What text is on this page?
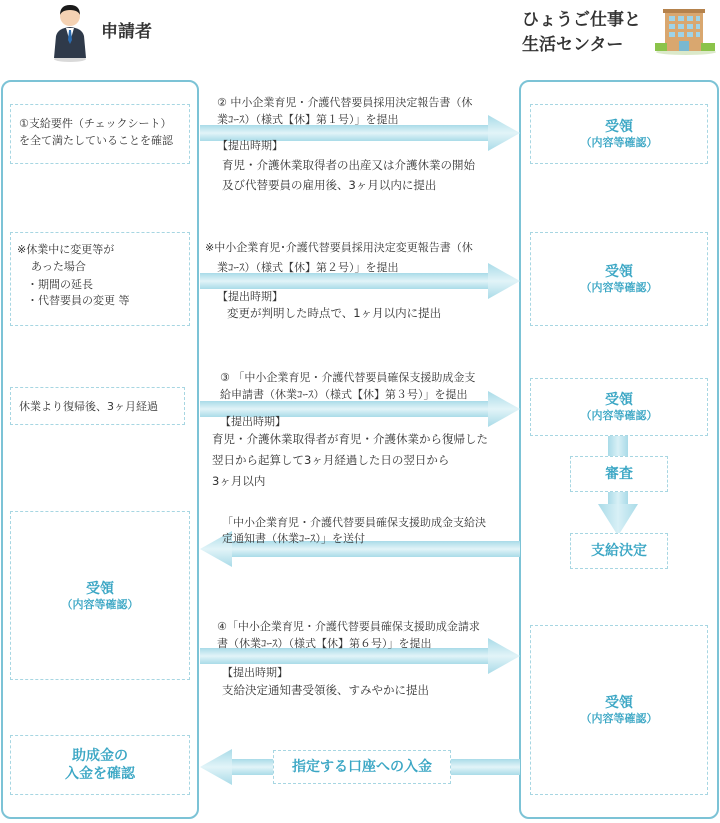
申請者
ひょうご仕事と
生活センター
①支給要件（チェックシート）を全て満たしていることを確認
※休業中に変更等が
あった場合
・期間の延長
・代替要員の変更 等
休業より復帰後、3ヶ月経過
受領
（内容等確認）
助成金の
入金を確認
受領
（内容等確認）
受領
（内容等確認）
受領
（内容等確認）
審査
支給決定
受領
（内容等確認）
② 中小企業育児・介護代替要員採用決定報告書（休
業ｺｰｽ）（様式【休】第１号）」を提出
【提出時期】
育児・介護休業取得者の出産又は介護休業の開始
及び代替要員の雇用後、3ヶ月以内に提出
※中小企業育児･介護代替要員採用決定変更報告書（休
業ｺｰｽ）（様式【休】第２号）」を提出
【提出時期】
変更が判明した時点で、1ヶ月以内に提出
③ 「中小企業育児・介護代替要員確保支援助成金支
給申請書（休業ｺｰｽ）（様式【休】第３号）」を提出
【提出時期】
育児・介護休業取得者が育児・介護休業から復帰した
翌日から起算して3ヶ月経過した日の翌日から
3ヶ月以内
「中小企業育児・介護代替要員確保支援助成金支給決
定通知書（休業ｺｰｽ）」を送付
④「中小企業育児・介護代替要員確保支援助成金請求
書（休業ｺｰｽ）（様式【休】第６号）」を提出
【提出時期】
支給決定通知書受領後、すみやかに提出
指定する口座への入金
